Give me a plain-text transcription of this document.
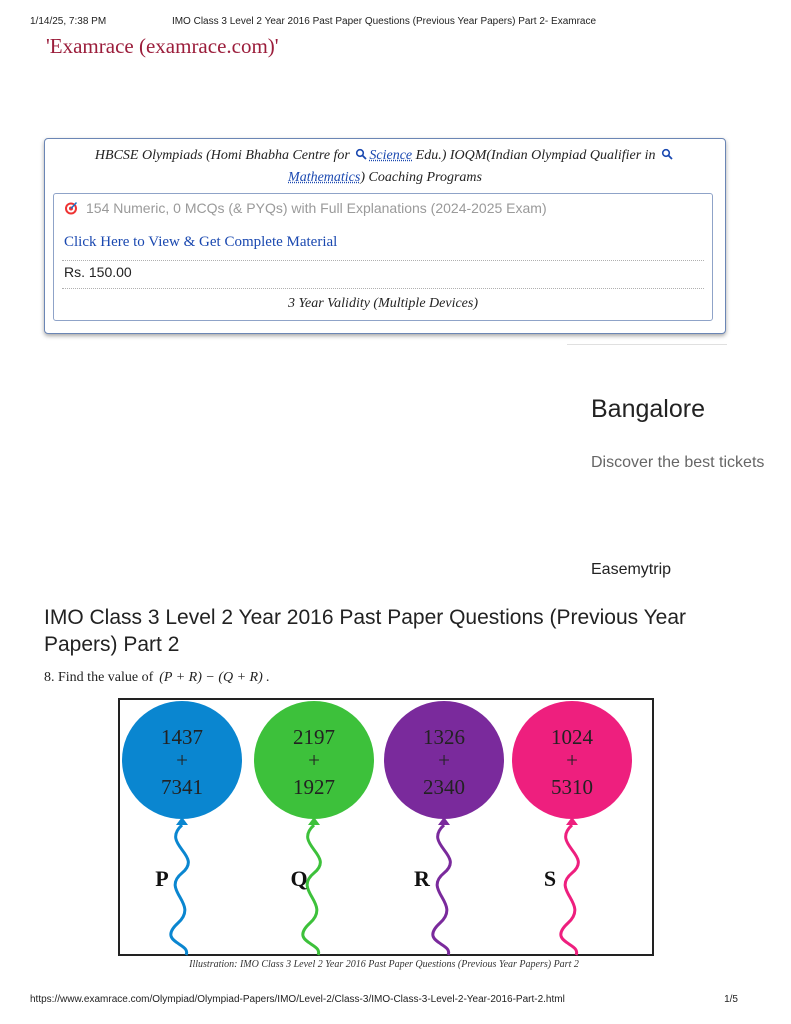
1/14/25, 7:38 PM	IMO Class 3 Level 2 Year 2016 Past Paper Questions (Previous Year Papers) Part 2- Examrace
'Examrace (examrace.com)'
HBCSE Olympiads (Homi Bhabha Centre for Science Edu.) IOQM(Indian Olympiad Qualifier in
Mathematics) Coaching Programs
154 Numeric, 0 MCQs (& PYQs) with Full Explanations (2024-2025 Exam)
Click Here to View & Get Complete Material
Rs. 150.00
3 Year Validity (Multiple Devices)
Bangalore
Discover the best tickets
Easemytrip
IMO Class 3 Level 2 Year 2016 Past Paper Questions (Previous Year Papers) Part 2
8. Find the value of (P + R) − (Q + R) .
1437
+
7341
P
2197
+
1927
Q
1326
+
2340
R
1024
+
5310
S
Illustration: IMO Class 3 Level 2 Year 2016 Past Paper Questions (Previous Year Papers) Part 2
https://www.examrace.com/Olympiad/Olympiad-Papers/IMO/Level-2/Class-3/IMO-Class-3-Level-2-Year-2016-Part-2.html	1/5
